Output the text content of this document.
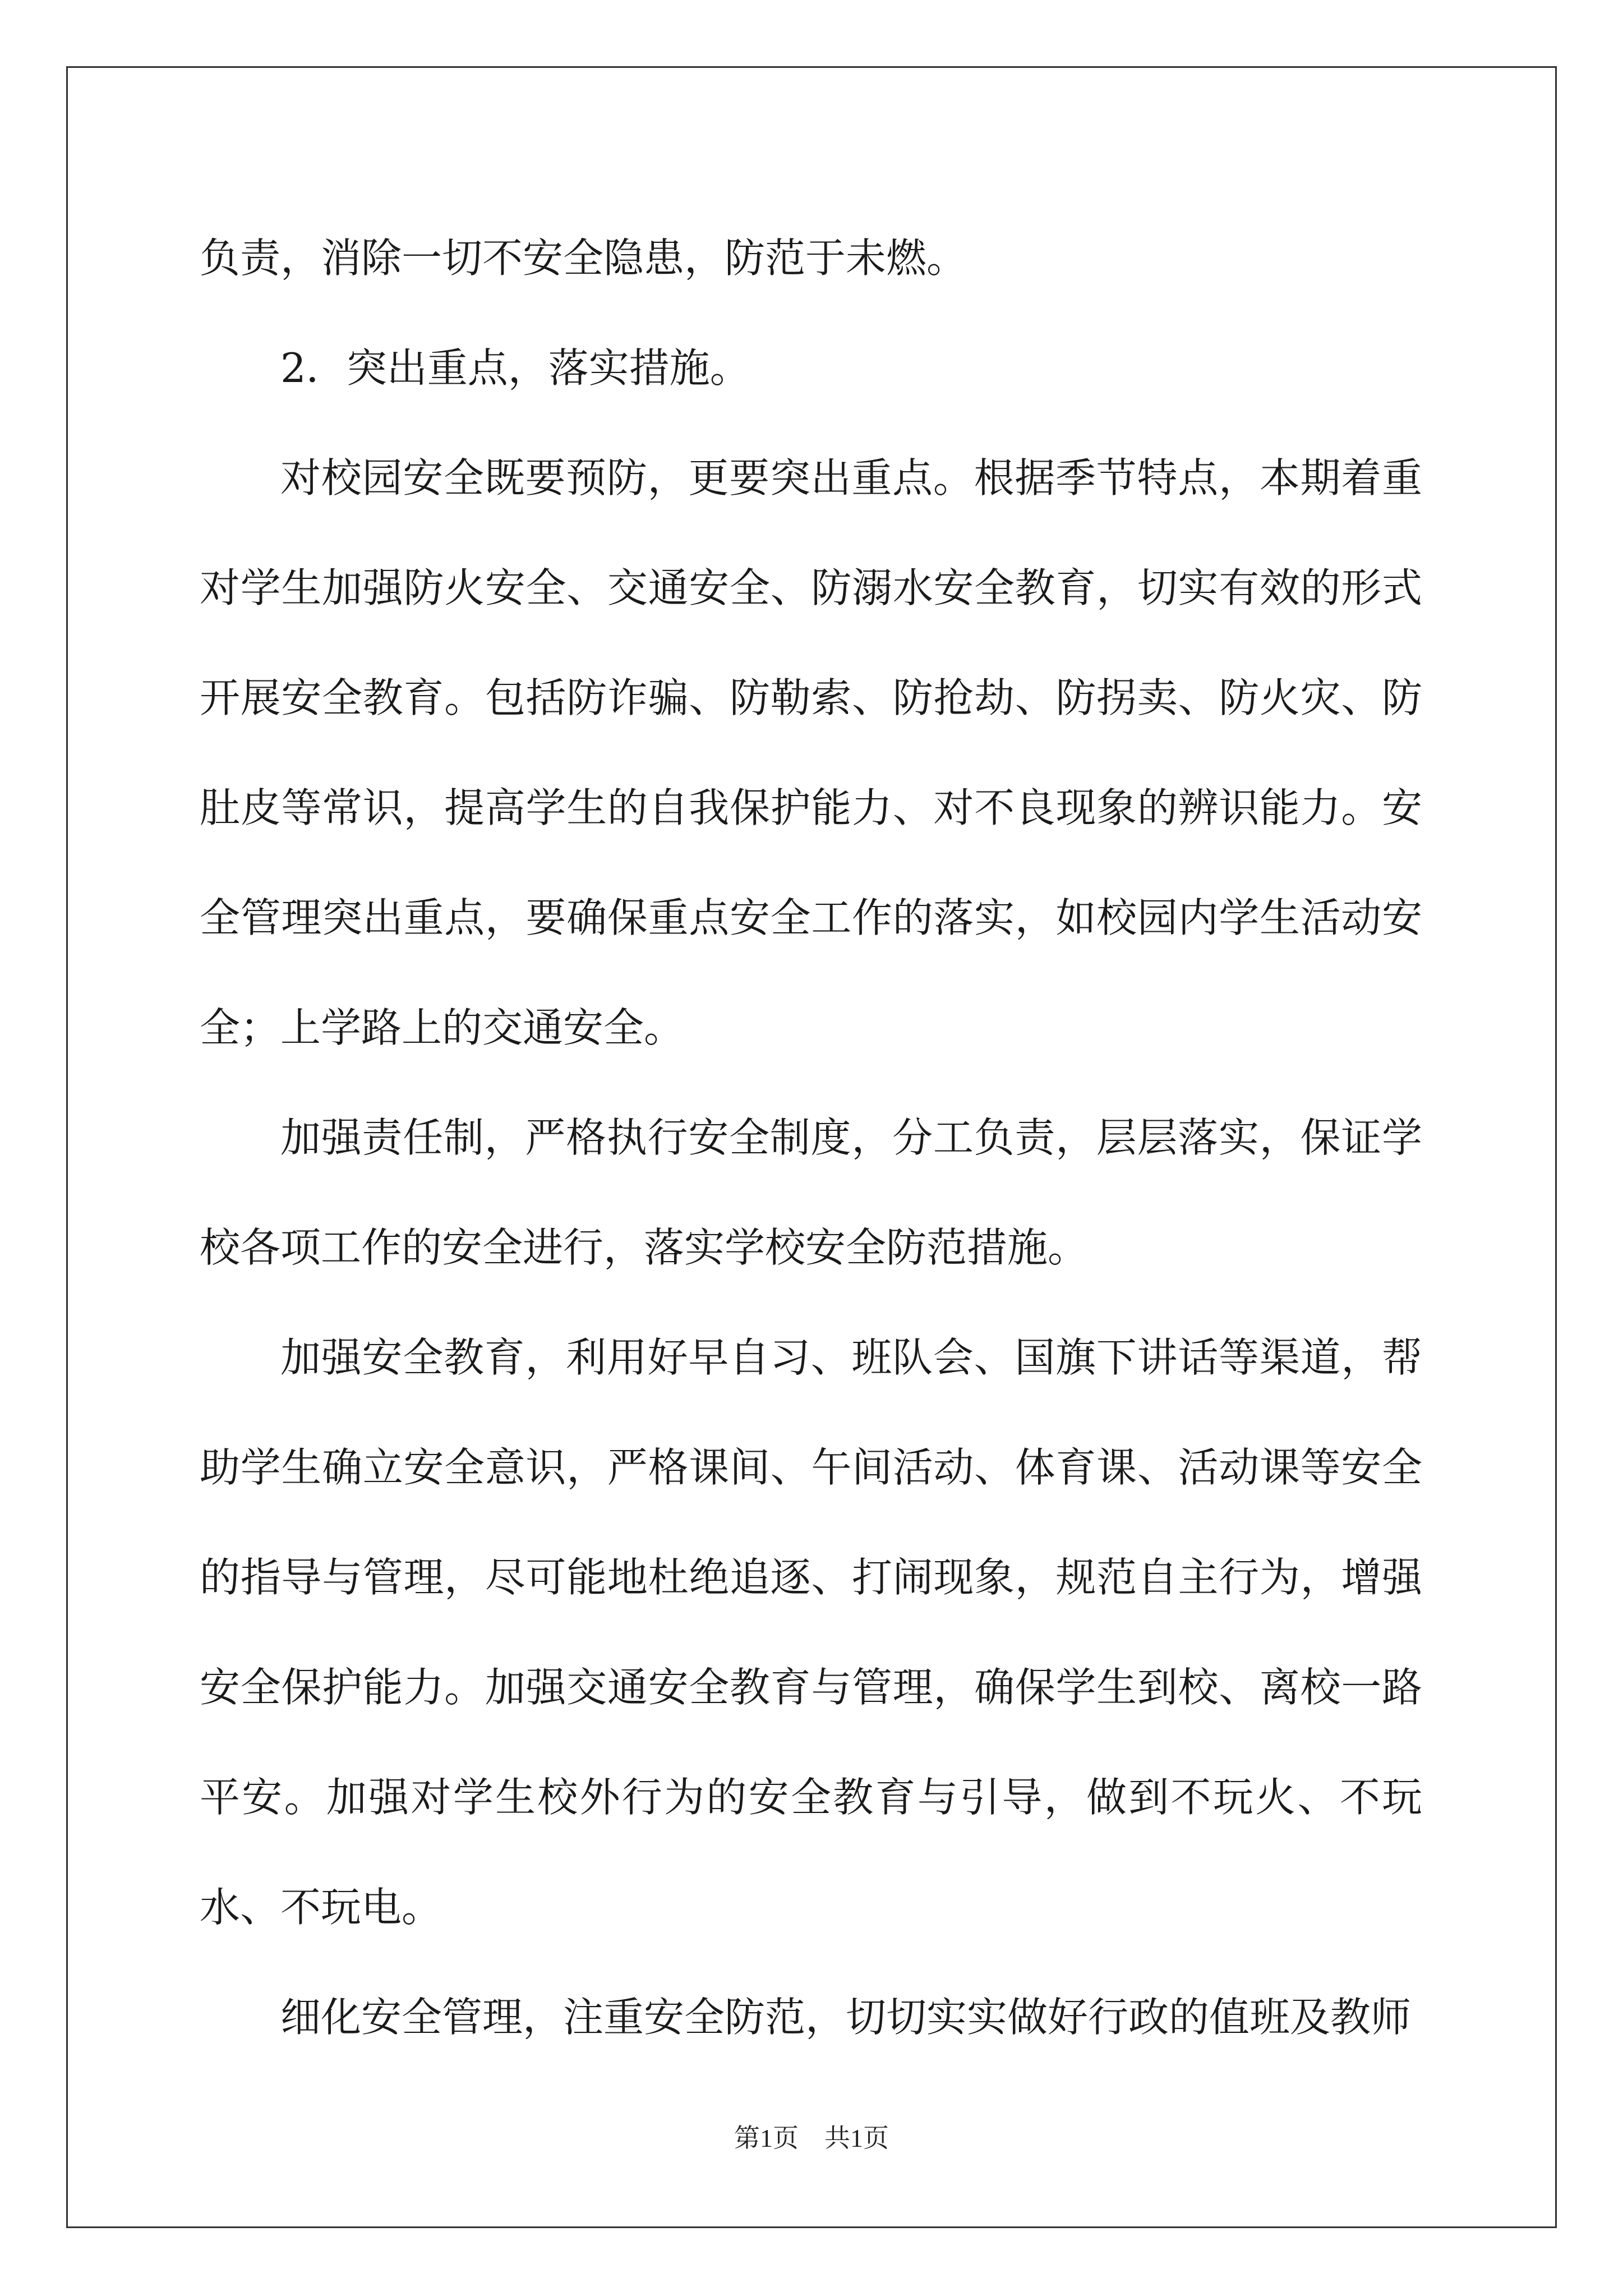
负责，消除一切不安全隐患，防范于未燃。

2．突出重点，落实措施。

对校园安全既要预防，更要突出重点。根据季节特点，本期着重对学生加强防火安全、交通安全、防溺水安全教育，切实有效的形式开展安全教育。包括防诈骗、防勒索、防抢劫、防拐卖、防火灾、防肚皮等常识，提高学生的自我保护能力、对不良现象的辨识能力。安全管理突出重点，要确保重点安全工作的落实，如校园内学生活动安全；上学路上的交通安全。

加强责任制，严格执行安全制度，分工负责，层层落实，保证学校各项工作的安全进行，落实学校安全防范措施。

加强安全教育，利用好早自习、班队会、国旗下讲话等渠道，帮助学生确立安全意识，严格课间、午间活动、体育课、活动课等安全的指导与管理，尽可能地杜绝追逐、打闹现象，规范自主行为，增强安全保护能力。加强交通安全教育与管理，确保学生到校、离校一路平安。加强对学生校外行为的安全教育与引导，做到不玩火、不玩水、不玩电。

细化安全管理，注重安全防范，切切实实做好行政的值班及教师

第1页　共1页
